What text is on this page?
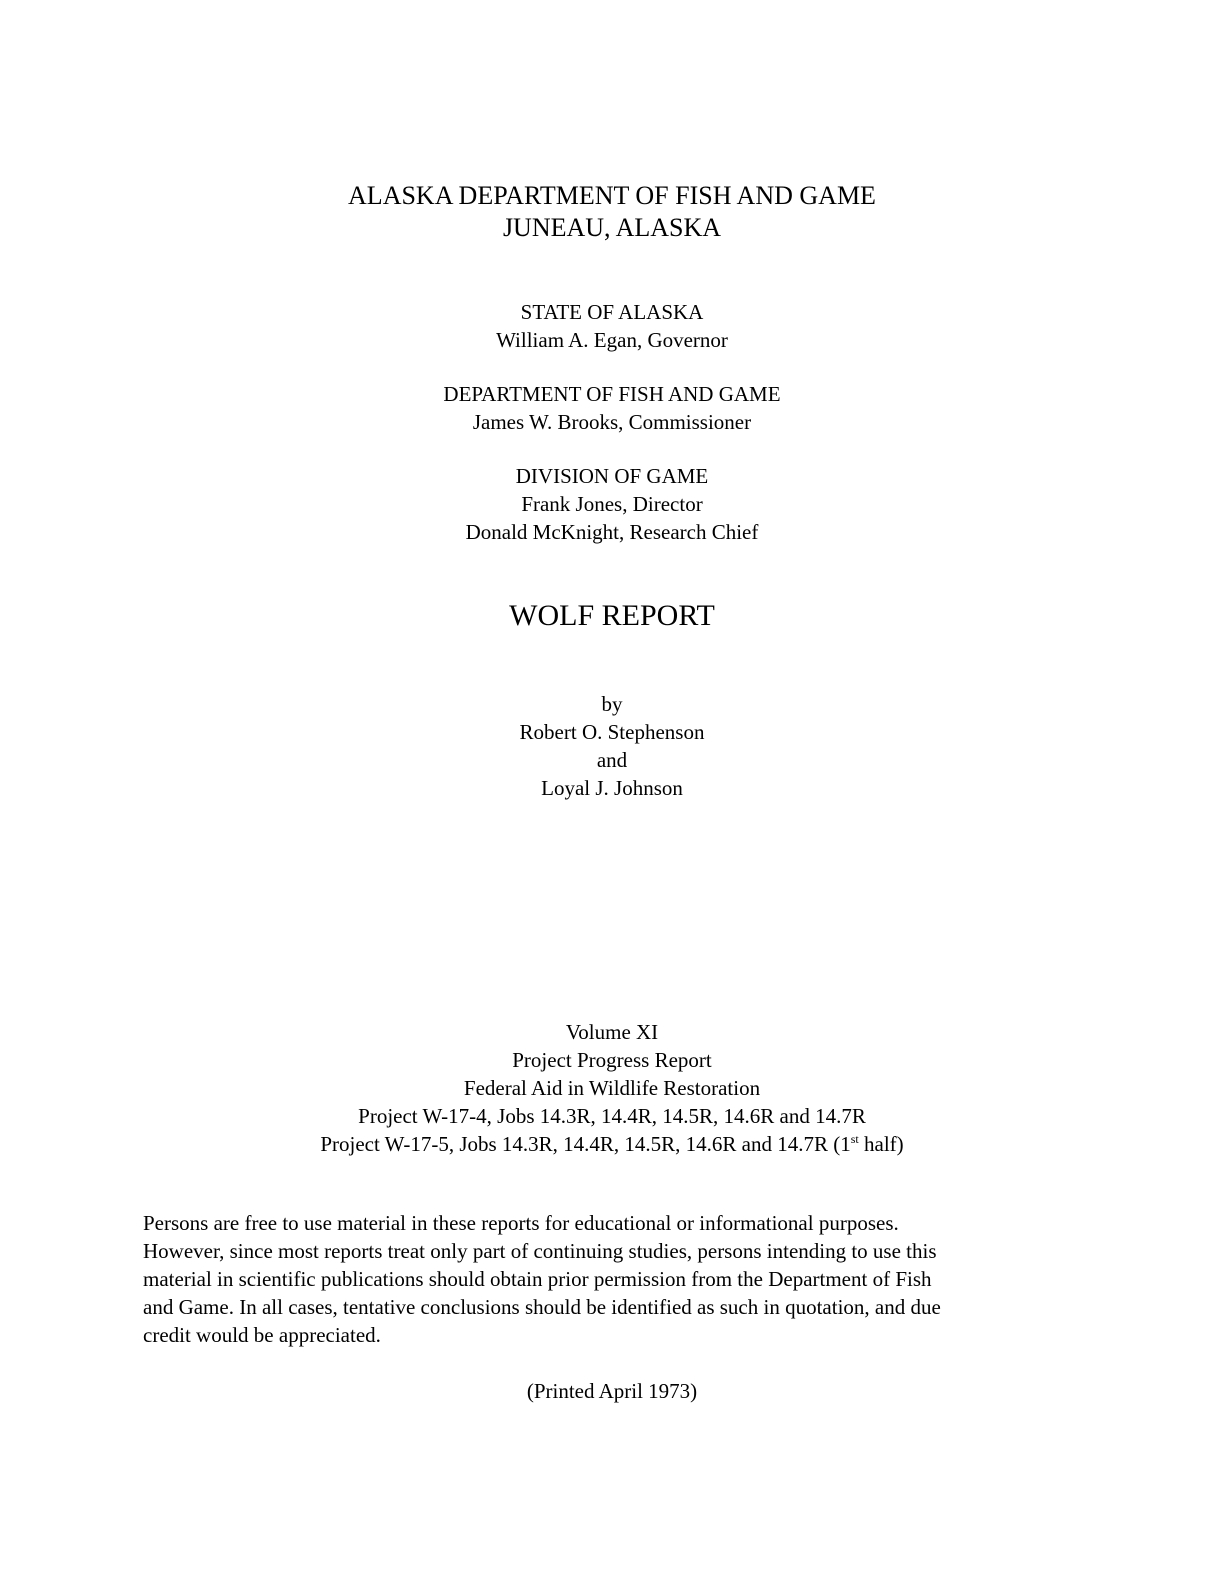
ALASKA DEPARTMENT OF FISH AND GAME
JUNEAU, ALASKA
STATE OF ALASKA
William A. Egan, Governor
DEPARTMENT OF FISH AND GAME
James W. Brooks, Commissioner
DIVISION OF GAME
Frank Jones, Director
Donald McKnight, Research Chief
WOLF REPORT
by
Robert O. Stephenson
and
Loyal J. Johnson
Volume XI
Project Progress Report
Federal Aid in Wildlife Restoration
Project W-17-4, Jobs 14.3R, 14.4R, 14.5R, 14.6R and 14.7R
Project W-17-5, Jobs 14.3R, 14.4R, 14.5R, 14.6R and 14.7R (1st half)
Persons are free to use material in these reports for educational or informational purposes.
However, since most reports treat only part of continuing studies, persons intending to use this
material in scientific publications should obtain prior permission from the Department of Fish
and Game. In all cases, tentative conclusions should be identified as such in quotation, and due
credit would be appreciated.
(Printed April 1973)
